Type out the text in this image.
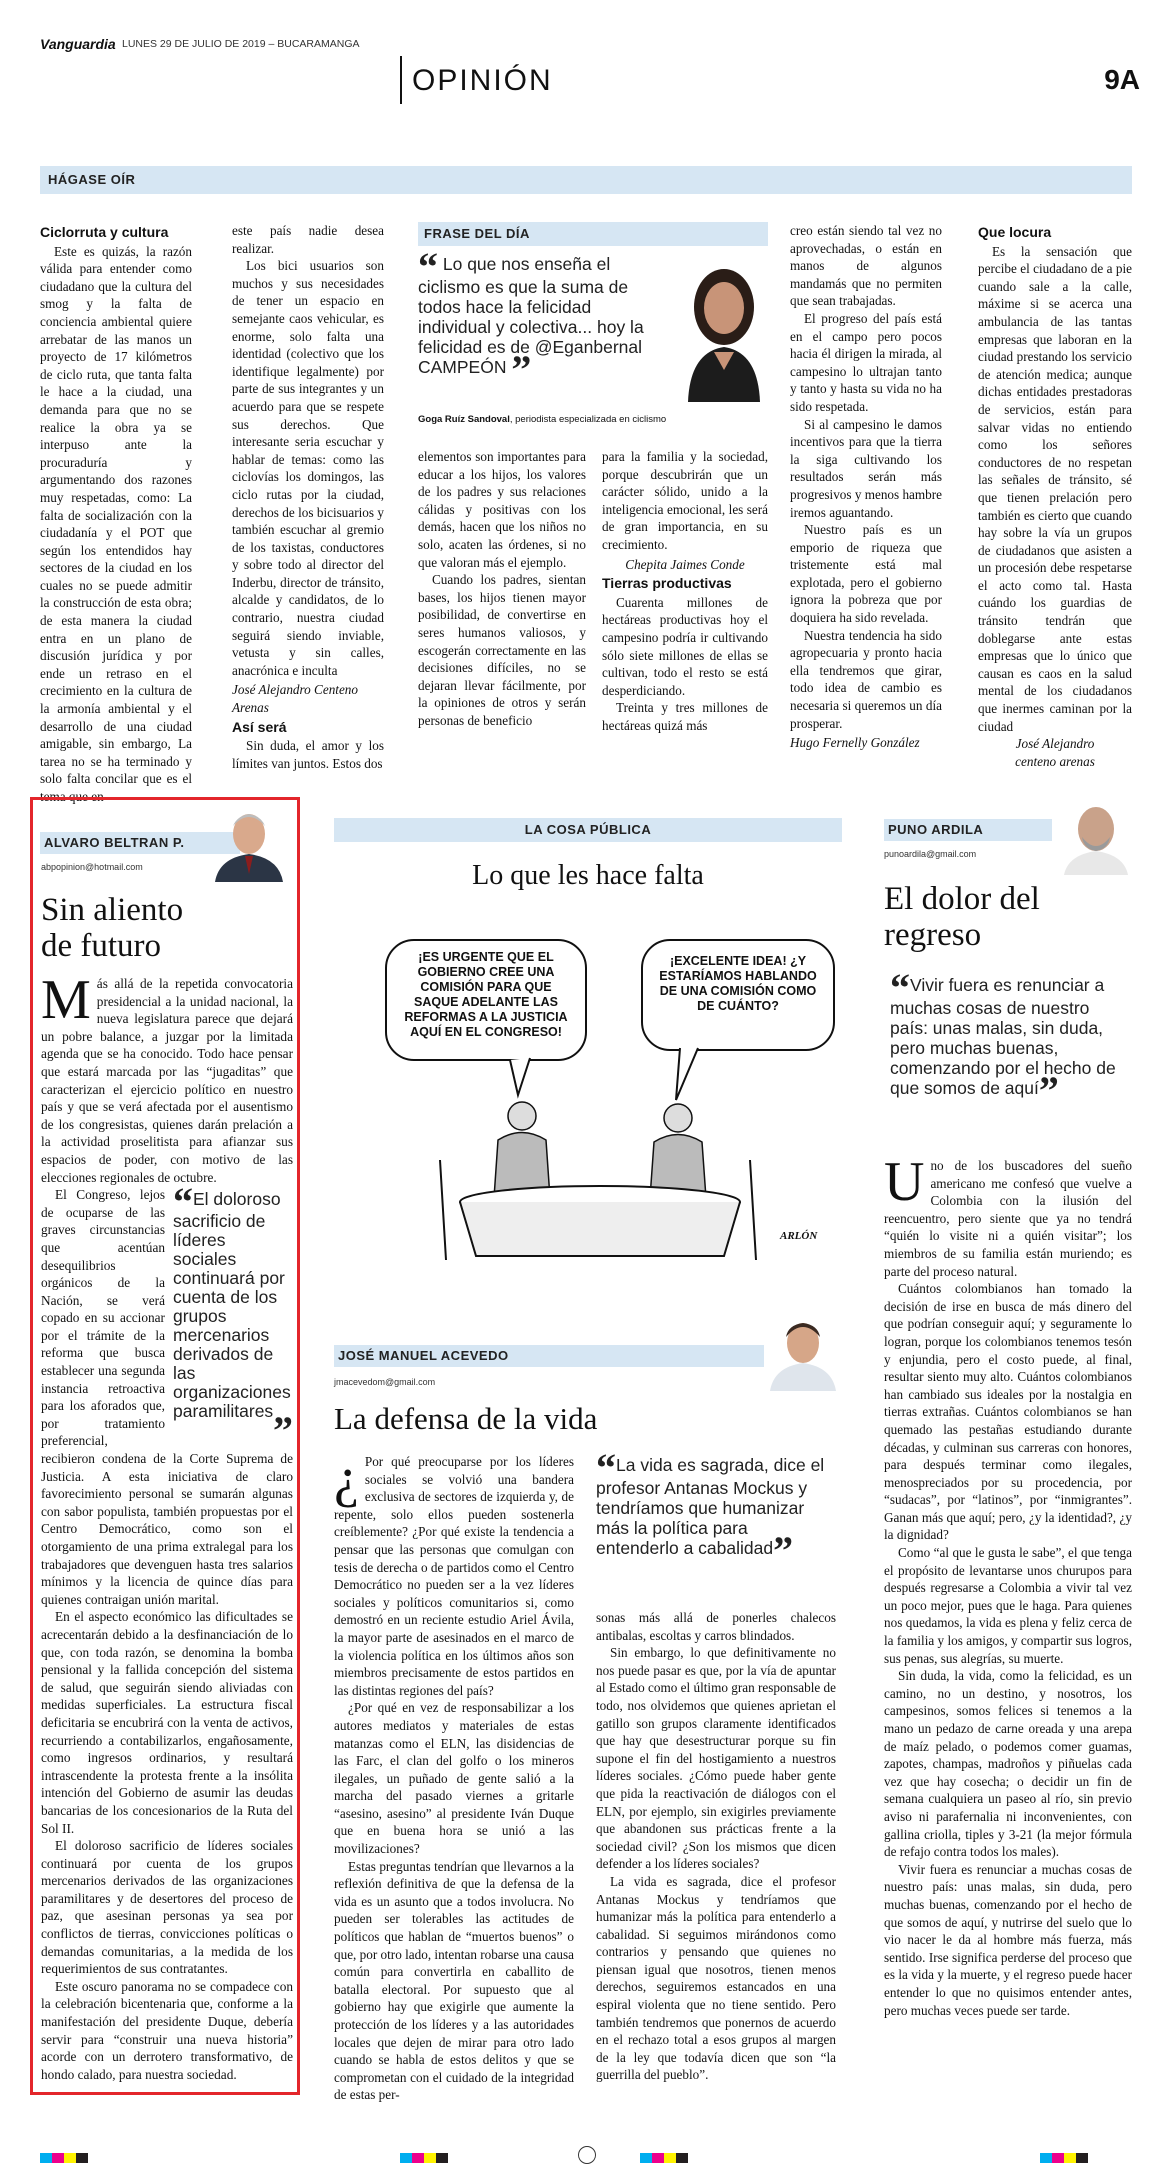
Vanguardia LUNES 29 DE JULIO DE 2019 – BUCARAMANGA
OPINIÓN	9A
HÁGASE OÍR
Ciclorruta y cultura

Este es quizás, la razón válida para entender como ciudadano que la cultura del smog y la falta de conciencia ambiental quiere arrebatar de las manos un proyecto de 17 kilómetros de ciclo ruta, que tanta falta le hace a la ciudad, una demanda para que no se realice la obra ya se interpuso ante la procuraduría y argumentando dos razones muy respetadas, como: La falta de socialización con la ciudadanía y el POT que según los entendidos hay sectores de la ciudad en los cuales no se puede admitir la construcción de esta obra; de esta manera la ciudad entra en un plano de discusión jurídica y por ende un retraso en el crecimiento en la cultura de la armonía ambiental y el desarrollo de una ciudad amigable, sin embargo, La tarea no se ha terminado y solo falta concilar que es el tema que en

este país nadie desea realizar.

Los bici usuarios son muchos y sus necesidades de tener un espacio en semejante caos vehicular, es enorme, solo falta una identidad (colectivo que los identifique legalmente) por parte de sus integrantes y un acuerdo para que se respete sus derechos. Que interesante seria escuchar y hablar de temas: como las ciclovías los domingos, las ciclo rutas por la ciudad, derechos de los bicisuarios y también escuchar al gremio de los taxistas, conductores y sobre todo al director del Inderbu, director de tránsito, alcalde y candidatos, de lo contrario, nuestra ciudad seguirá siendo inviable, vetusta y sin calles, anacrónica e inculta

José Alejandro Centeno Arenas

Así será

Sin duda, el amor y los límites van juntos. Estos dos

FRASE DEL DÍA
“ Lo que nos enseña el ciclismo es que la suma de todos hace la felicidad individual y colectiva... hoy la felicidad es de @Eganbernal CAMPEÓN ”
Goga Ruíz Sandoval, periodista especializada en ciclismo

elementos son importantes para educar a los hijos, los valores de los padres y sus relaciones cálidas y positivas con los demás, hacen que los niños no solo, acaten las órdenes, si no que valoran más el ejemplo.

Cuando los padres, sientan bases, los hijos tienen mayor posibilidad, de convertirse en seres humanos valiosos, y escogerán correctamente en las decisiones difíciles, no se dejaran llevar fácilmente, por la opiniones de otros y serán personas de beneficio

para la familia y la sociedad, porque descubrirán que un carácter sólido, unido a la inteligencia emocional, les será de gran importancia, en su crecimiento.

Chepita Jaimes Conde

Tierras productivas

Cuarenta millones de hectáreas productivas hoy el campesino podría ir cultivando sólo siete millones de ellas se cultivan, todo el resto se está desperdiciando.

Treinta y tres millones de hectáreas quizá más

creo están siendo tal vez no aprovechadas, o están en manos de algunos mandamás que no permiten que sean trabajadas.

El progreso del país está en el campo pero pocos hacia él dirigen la mirada, al campesino lo ultrajan tanto y tanto y hasta su vida no ha sido respetada.

Si al campesino le damos incentivos para que la tierra la siga cultivando los resultados serán más progresivos y menos hambre iremos aguantando.

Nuestro país es un emporio de riqueza que tristemente está mal explotada, pero el gobierno ignora la pobreza que por doquiera ha sido revelada.

Nuestra tendencia ha sido agropecuaria y pronto hacia ella tendremos que girar, todo idea de cambio es necesaria si queremos un día prosperar.

Hugo Fernelly González

Que locura

Es la sensación que percibe el ciudadano de a pie cuando sale a la calle, máxime si se acerca una ambulancia de las tantas empresas que laboran en la ciudad prestando los servicio de atención medica; aunque dichas entidades prestadoras de servicios, están para salvar vidas no entiendo como los señores conductores de no respetan las señales de tránsito, sé que tienen prelación pero también es cierto que cuando hay sobre la vía un grupos de ciudadanos que asisten a un procesión debe respetarse el acto como tal. Hasta cuándo los guardias de tránsito tendrán que doblegarse ante estas empresas que lo único que causan es caos en la salud mental de los ciudadanos que inermes caminan por la ciudad

José Alejandro

centeno arenas

ALVARO BELTRAN P.
abpopinion@hotmail.com
Sin aliento de futuro

Más allá de la repetida convocatoria presidencial a la unidad nacional, la nueva legislatura parece que dejará un pobre balance, a juzgar por la limitada agenda que se ha conocido. Todo hace pensar que estará marcada por las “jugaditas” que caracterizan el ejercicio político en nuestro país y que se verá afectada por el ausentismo de los congresistas, quienes darán prelación a la actividad proselitista para afianzar sus espacios de poder, con motivo de las elecciones regionales de octubre.

“El doloroso sacrificio de líderes sociales continuará por cuenta de los grupos mercenarios derivados de las organizaciones paramilitares ”
El Congreso, lejos de ocuparse de las graves circunstancias que acentúan desequilibrios orgánicos de la Nación, se verá copado en su accionar por el trámite de la reforma que busca establecer una segunda instancia retroactiva para los aforados que, por tratamiento preferencial, recibieron condena de la Corte Suprema de Justicia. A esta iniciativa de claro favorecimiento personal se sumarán algunas con sabor populista, también propuestas por el Centro Democrático, como son el otorgamiento de una prima extralegal para los trabajadores que devenguen hasta tres salarios mínimos y la licencia de quince días para quienes contraigan unión marital.

En el aspecto económico las dificultades se acrecentarán debido a la desfinanciación de lo que, con toda razón, se denomina la bomba pensional y la fallida concepción del sistema de salud, que seguirán siendo aliviadas con medidas superficiales. La estructura fiscal deficitaria se encubrirá con la venta de activos, recurriendo a contabilizarlos, engañosamente, como ingresos ordinarios, y resultará intrascendente la protesta frente a la insólita intención del Gobierno de asumir las deudas bancarias de los concesionarios de la Ruta del Sol II.

El doloroso sacrificio de líderes sociales continuará por cuenta de los grupos mercenarios derivados de las organizaciones paramilitares y de desertores del proceso de paz, que asesinan personas ya sea por conflictos de tierras, convicciones políticas o demandas comunitarias, a la medida de los requerimientos de sus contratantes.

Este oscuro panorama no se compadece con la celebración bicentenaria que, conforme a la manifestación del presidente Duque, debería servir para “construir una nueva historia” acorde con un derrotero transformativo, de hondo calado, para nuestra sociedad.

LA COSA PÚBLICA
Lo que les hace falta
¡ES URGENTE QUE EL GOBIERNO CREE UNA COMISIÓN PARA QUE SAQUE ADELANTE LAS REFORMAS A LA JUSTICIA AQUÍ EN EL CONGRESO!
¡EXCELENTE IDEA! ¿Y ESTARÍAMOS HABLANDO DE UNA COMISIÓN COMO DE CUÁNTO?
ARLÓN
JOSÉ MANUEL ACEVEDO
jmacevedom@gmail.com
La defensa de la vida

¿ Por qué preocuparse por los líderes sociales se volvió una bandera exclusiva de sectores de izquierda y, de repente, solo ellos pueden sostenerla creíblemente? ¿Por qué existe la tendencia a pensar que las personas que comulgan con tesis de derecha o de partidos como el Centro Democrático no pueden ser a la vez líderes sociales y políticos comunitarios si, como demostró en un reciente estudio Ariel Ávila, la mayor parte de asesinados en el marco de la violencia política en los últimos años son miembros precisamente de estos partidos en las distintas regiones del país?

¿Por qué en vez de responsabilizar a los autores mediatos y materiales de estas matanzas como el ELN, las disidencias de las Farc, el clan del golfo o los mineros ilegales, un puñado de gente salió a la marcha del pasado viernes a gritarle “asesino, asesino” al presidente Iván Duque que en buena hora se unió a las movilizaciones?

Estas preguntas tendrían que llevarnos a la reflexión definitiva de que la defensa de la vida es un asunto que a todos involucra. No pueden ser tolerables las actitudes de políticos que hablan de “muertos buenos” o que, por otro lado, intentan robarse una causa común para convertirla en caballito de batalla electoral. Por supuesto que al gobierno hay que exigirle que aumente la protección de los líderes y a las autoridades locales que dejen de mirar para otro lado cuando se habla de estos delitos y que se comprometan con el cuidado de la integridad de estas per-

“La vida es sagrada, dice el profesor Antanas Mockus y tendríamos que humanizar más la política para entenderlo a cabalidad”

sonas más allá de ponerles chalecos antibalas, escoltas y carros blindados.

Sin embargo, lo que definitivamente no nos puede pasar es que, por la vía de apuntar al Estado como el último gran responsable de todo, nos olvidemos que quienes aprietan el gatillo son grupos claramente identificados que hay que desestructurar porque su fin supone el fin del hostigamiento a nuestros líderes sociales. ¿Cómo puede haber gente que pida la reactivación de diálogos con el ELN, por ejemplo, sin exigirles previamente que abandonen sus prácticas frente a la sociedad civil? ¿Son los mismos que dicen defender a los líderes sociales?

La vida es sagrada, dice el profesor Antanas Mockus y tendríamos que humanizar más la política para entenderlo a cabalidad. Si seguimos mirándonos como contrarios y pensando que quienes no piensan igual que nosotros, tienen menos derechos, seguiremos estancados en una espiral violenta que no tiene sentido. Pero también tendremos que ponernos de acuerdo en el rechazo total a esos grupos al margen de la ley que todavía dicen que son “la guerrilla del pueblo”.

PUNO ARDILA
punoardila@gmail.com
El dolor del regreso
“Vivir fuera es renunciar a muchas cosas de nuestro país: unas malas, sin duda, pero muchas buenas, comenzando por el hecho de que somos de aquí”

Uno de los buscadores del sueño americano me confesó que vuelve a Colombia con la ilusión del reencuentro, pero siente que ya no tendrá “quién lo visite ni a quién visitar”; los miembros de su familia están muriendo; es parte del proceso natural.

Cuántos colombianos han tomado la decisión de irse en busca de más dinero del que podrían conseguir aquí; y seguramente lo logran, porque los colombianos tenemos tesón y enjundia, pero el costo puede, al final, resultar siento muy alto. Cuántos colombianos han cambiado sus ideales por la nostalgia en tierras extrañas. Cuántos colombianos se han quemado las pestañas estudiando durante décadas, y culminan sus carreras con honores, para después terminar como ilegales, menospreciados por su procedencia, por “sudacas”, por “latinos”, por “inmigrantes”. Ganan más que aquí; pero, ¿y la identidad?, ¿y la dignidad?

Como “al que le gusta le sabe”, el que tenga el propósito de levantarse unos churupos para después regresarse a Colombia a vivir tal vez un poco mejor, pues que le haga. Para quienes nos quedamos, la vida es plena y feliz cerca de la familia y los amigos, y compartir sus logros, sus penas, sus alegrías, su muerte.

Sin duda, la vida, como la felicidad, es un camino, no un destino, y nosotros, los campesinos, somos felices si tenemos a la mano un pedazo de carne oreada y una arepa de maíz pelado, o podemos comer guamas, zapotes, champas, madroños y piñuelas cada vez que hay cosecha; o decidir un fin de semana cualquiera un paseo al río, sin previo aviso ni parafernalia ni inconvenientes, con gallina criolla, tiples y 3-21 (la mejor fórmula de refajo contra todos los males).

Vivir fuera es renunciar a muchas cosas de nuestro país: unas malas, sin duda, pero muchas buenas, comenzando por el hecho de que somos de aquí, y nutrirse del suelo que lo vio nacer le da al hombre más fuerza, más sentido. Irse significa perderse del proceso que es la vida y la muerte, y el regreso puede hacer entender lo que no quisimos entender antes, pero muchas veces puede ser tarde.
